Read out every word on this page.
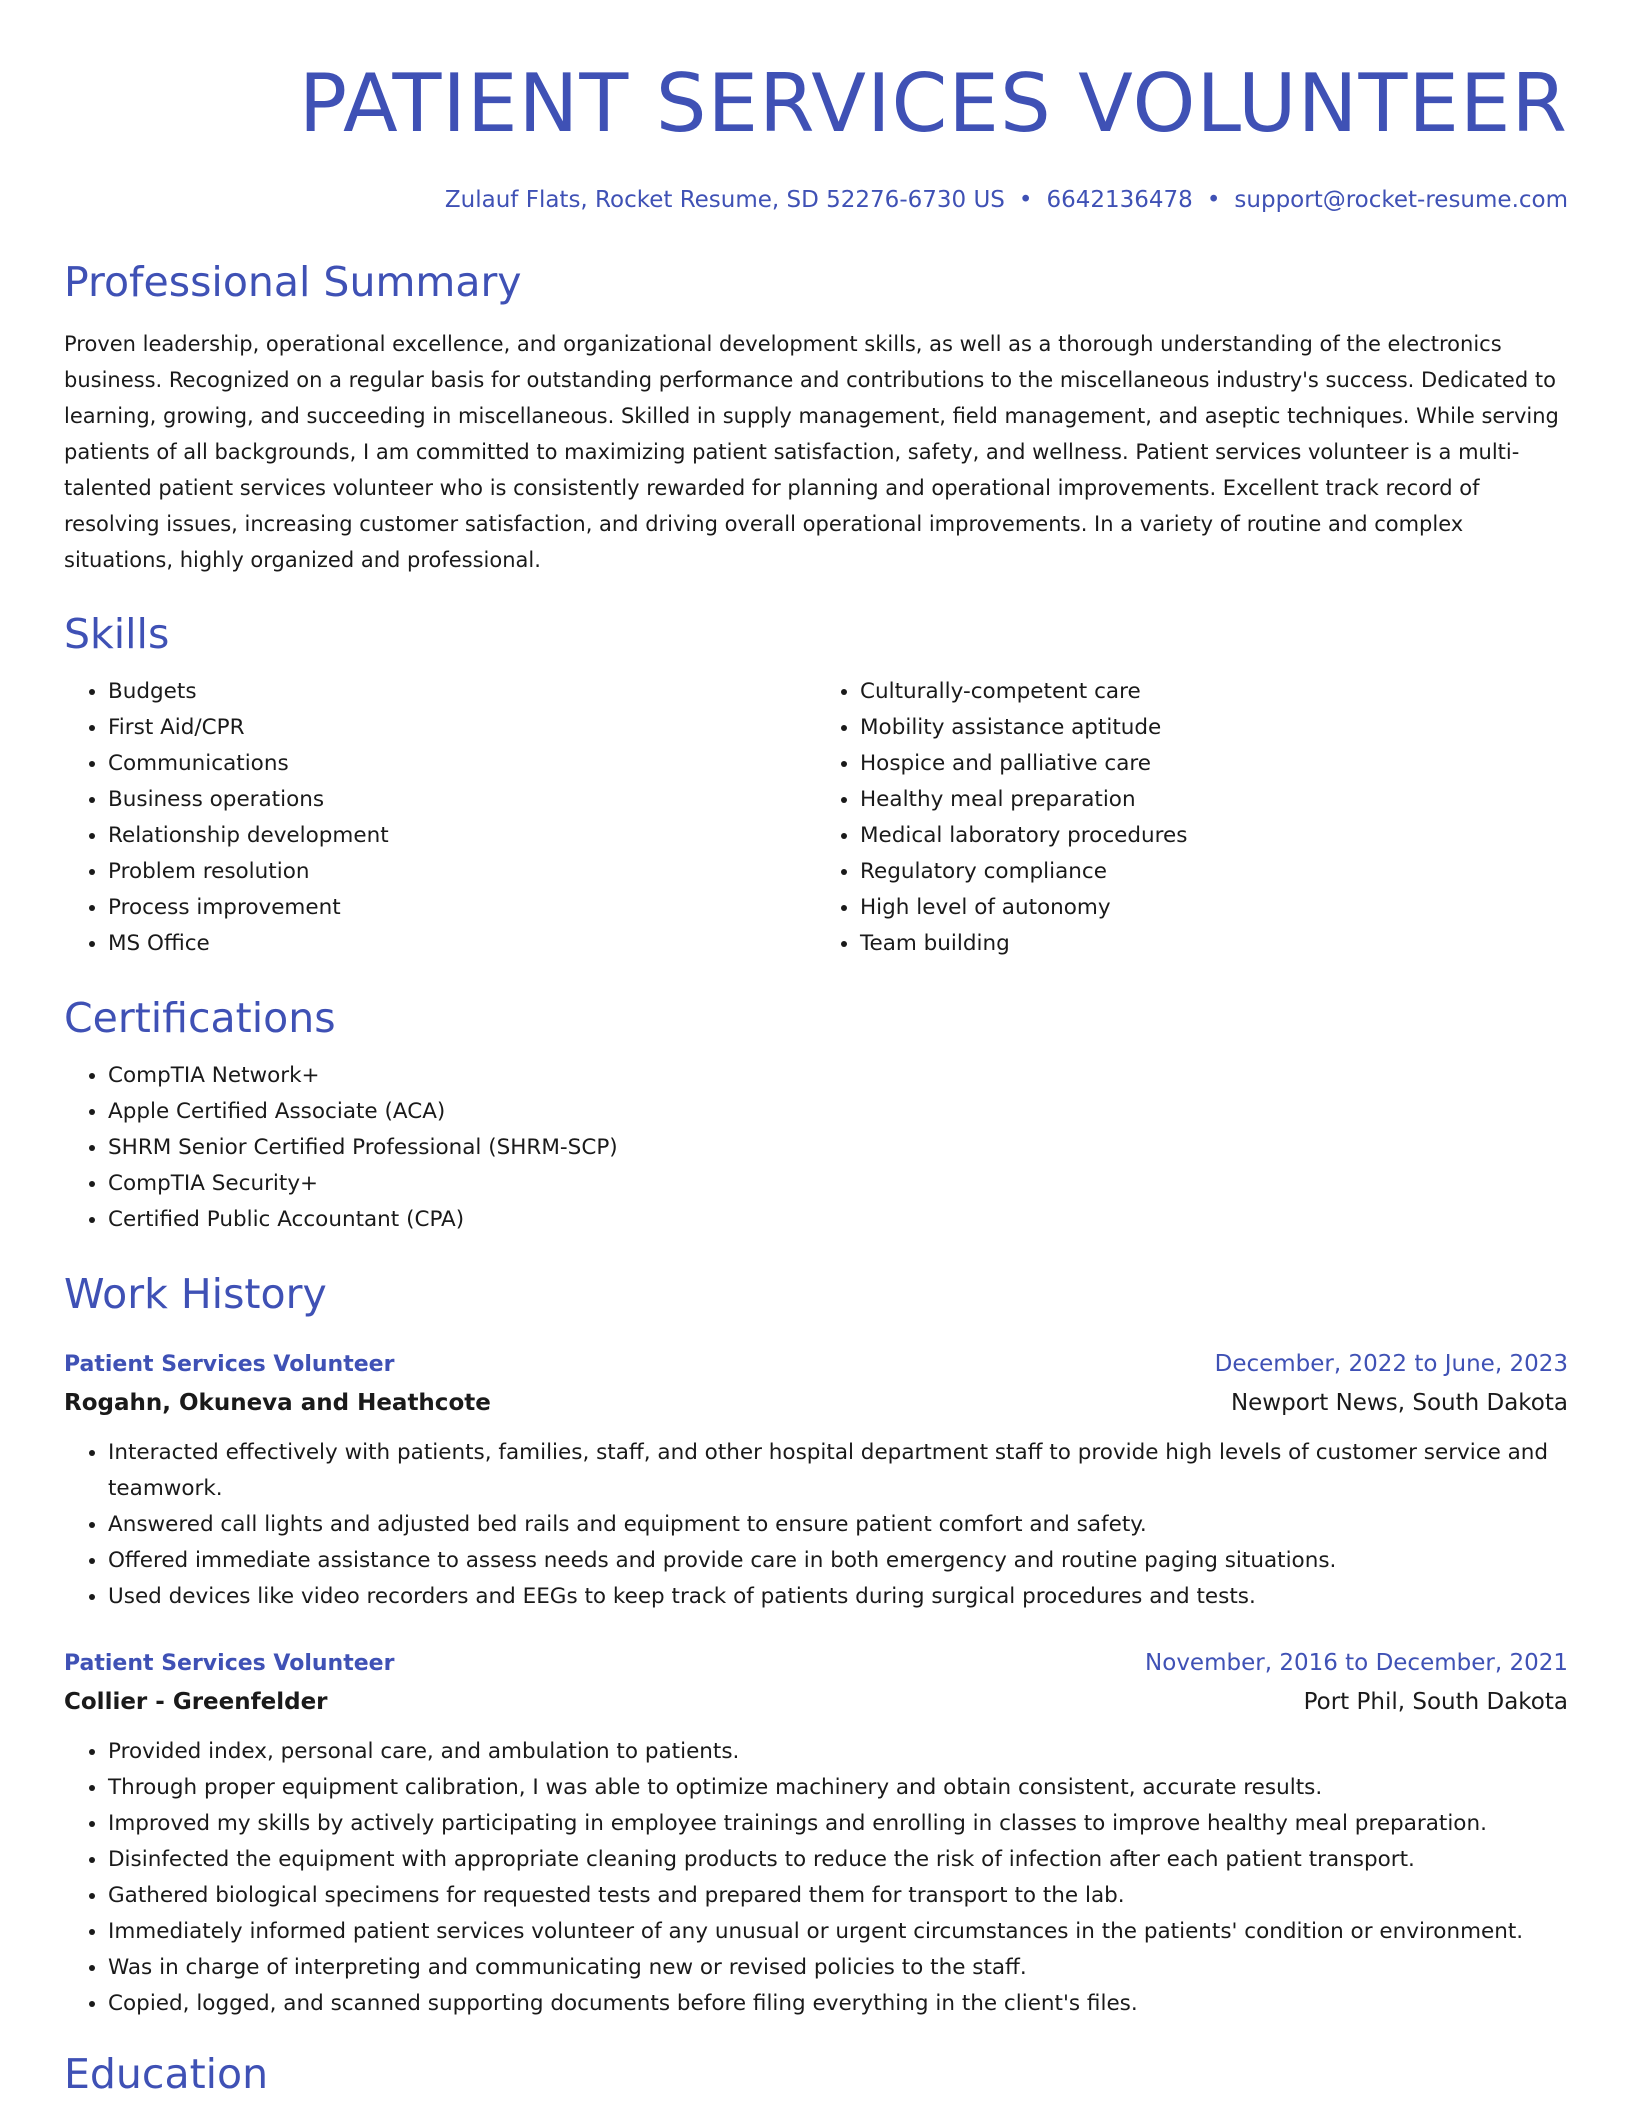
PATIENT SERVICES VOLUNTEER
Zulauf Flats, Rocket Resume, SD 52276-6730 US • 6642136478 • support@rocket-resume.com
Professional Summary

Proven leadership, operational excellence, and organizational development skills, as well as a thorough understanding of the electronics business. Recognized on a regular basis for outstanding performance and contributions to the miscellaneous industry's success. Dedicated to learning, growing, and succeeding in miscellaneous. Skilled in supply management, field management, and aseptic techniques. While serving patients of all backgrounds, I am committed to maximizing patient satisfaction, safety, and wellness. Patient services volunteer is a multi-talented patient services volunteer who is consistently rewarded for planning and operational improvements. Excellent track record of resolving issues, increasing customer satisfaction, and driving overall operational improvements. In a variety of routine and complex situations, highly organized and professional.

Skills
• Budgets
• First Aid/CPR
• Communications
• Business operations
• Relationship development
• Problem resolution
• Process improvement
• MS Office
• Culturally-competent care
• Mobility assistance aptitude
• Hospice and palliative care
• Healthy meal preparation
• Medical laboratory procedures
• Regulatory compliance
• High level of autonomy
• Team building
Certifications
• CompTIA Network+
• Apple Certified Associate (ACA)
• SHRM Senior Certified Professional (SHRM-SCP)
• CompTIA Security+
• Certified Public Accountant (CPA)
Work History
Patient Services Volunteer	December, 2022 to June, 2023
Rogahn, Okuneva and Heathcote	Newport News, South Dakota
• Interacted effectively with patients, families, staff, and other hospital department staff to provide high levels of customer service and teamwork.
• Answered call lights and adjusted bed rails and equipment to ensure patient comfort and safety.
• Offered immediate assistance to assess needs and provide care in both emergency and routine paging situations.
• Used devices like video recorders and EEGs to keep track of patients during surgical procedures and tests.
Patient Services Volunteer	November, 2016 to December, 2021
Collier - Greenfelder	Port Phil, South Dakota
• Provided index, personal care, and ambulation to patients.
• Through proper equipment calibration, I was able to optimize machinery and obtain consistent, accurate results.
• Improved my skills by actively participating in employee trainings and enrolling in classes to improve healthy meal preparation.
• Disinfected the equipment with appropriate cleaning products to reduce the risk of infection after each patient transport.
• Gathered biological specimens for requested tests and prepared them for transport to the lab.
• Immediately informed patient services volunteer of any unusual or urgent circumstances in the patients' condition or environment.
• Was in charge of interpreting and communicating new or revised policies to the staff.
• Copied, logged, and scanned supporting documents before filing everything in the client's files.
Education
